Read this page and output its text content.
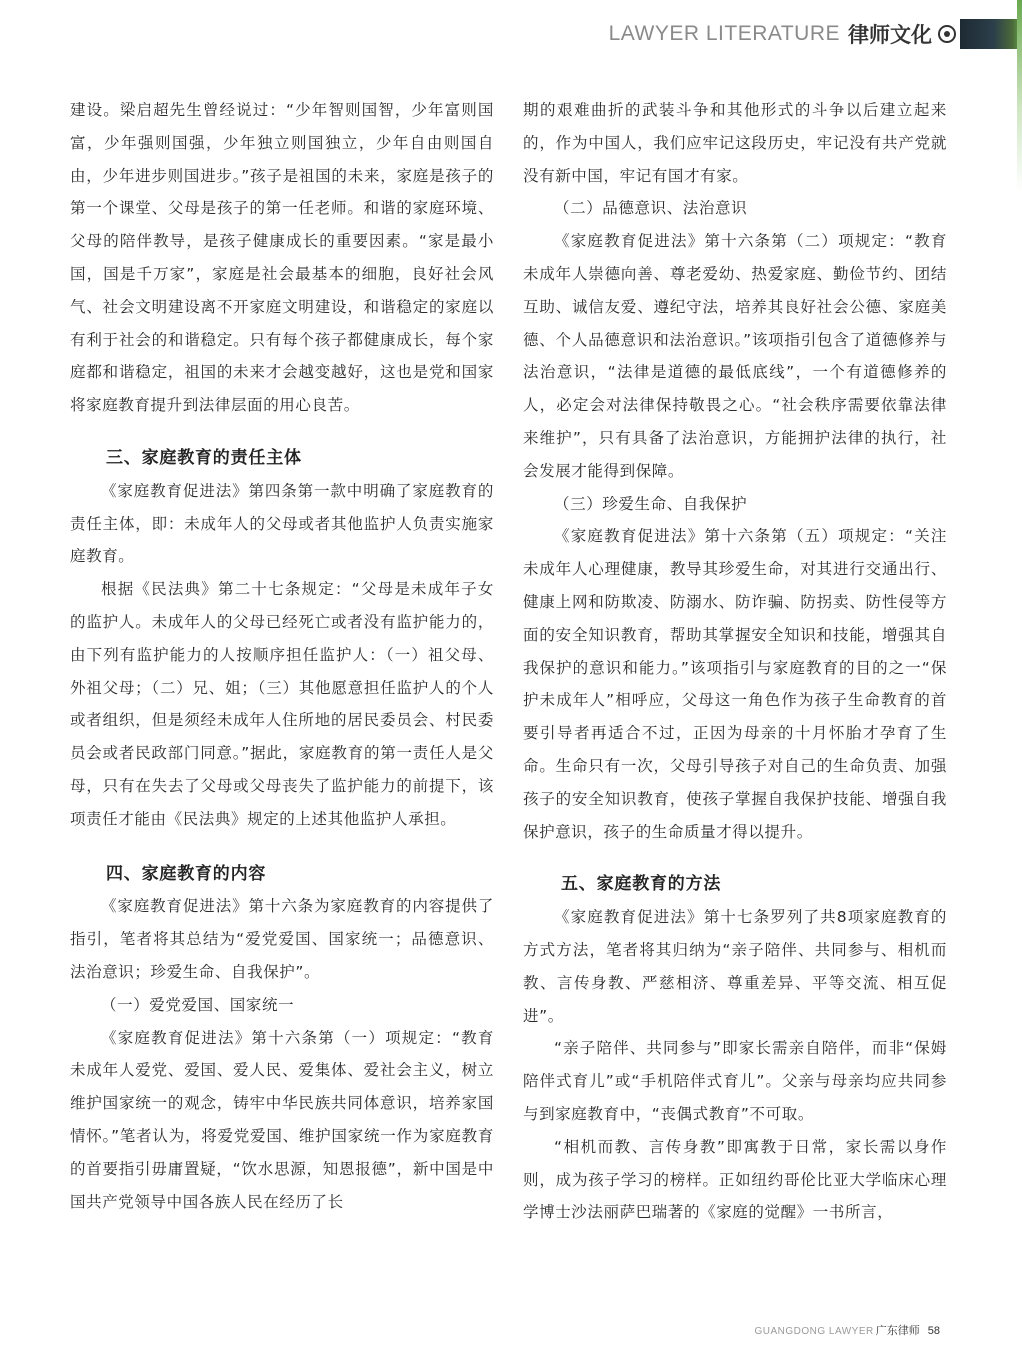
LAWYER LITERATURE 律师文化

建设。梁启超先生曾经说过：“少年智则国智，少年富则国富，少年强则国强，少年独立则国独立，少年自由则国自由，少年进步则国进步。”孩子是祖国的未来，家庭是孩子的第一个课堂、父母是孩子的第一任老师。和谐的家庭环境、父母的陪伴教导，是孩子健康成长的重要因素。“家是最小国，国是千万家”，家庭是社会最基本的细胞，良好社会风气、社会文明建设离不开家庭文明建设，和谐稳定的家庭以有利于社会的和谐稳定。只有每个孩子都健康成长，每个家庭都和谐稳定，祖国的未来才会越变越好，这也是党和国家将家庭教育提升到法律层面的用心良苦。

三、家庭教育的责任主体

《家庭教育促进法》第四条第一款中明确了家庭教育的责任主体，即：未成年人的父母或者其他监护人负责实施家庭教育。

根据《民法典》第二十七条规定：“父母是未成年子女的监护人。未成年人的父母已经死亡或者没有监护能力的，由下列有监护能力的人按顺序担任监护人：（一）祖父母、外祖父母；（二）兄、姐；（三）其他愿意担任监护人的个人或者组织，但是须经未成年人住所地的居民委员会、村民委员会或者民政部门同意。”据此，家庭教育的第一责任人是父母，只有在失去了父母或父母丧失了监护能力的前提下，该项责任才能由《民法典》规定的上述其他监护人承担。

四、家庭教育的内容

《家庭教育促进法》第十六条为家庭教育的内容提供了指引，笔者将其总结为“爱党爱国、国家统一；品德意识、法治意识；珍爱生命、自我保护”。

（一）爱党爱国、国家统一

《家庭教育促进法》第十六条第（一）项规定：“教育未成年人爱党、爱国、爱人民、爱集体、爱社会主义，树立维护国家统一的观念，铸牢中华民族共同体意识，培养家国情怀。”笔者认为，将爱党爱国、维护国家统一作为家庭教育的首要指引毋庸置疑，“饮水思源，知恩报德”，新中国是中国共产党领导中国各族人民在经历了长

期的艰难曲折的武装斗争和其他形式的斗争以后建立起来的，作为中国人，我们应牢记这段历史，牢记没有共产党就没有新中国，牢记有国才有家。

（二）品德意识、法治意识

《家庭教育促进法》第十六条第（二）项规定：“教育未成年人崇德向善、尊老爱幼、热爱家庭、勤俭节约、团结互助、诚信友爱、遵纪守法，培养其良好社会公德、家庭美德、个人品德意识和法治意识。”该项指引包含了道德修养与法治意识，“法律是道德的最低底线”，一个有道德修养的人，必定会对法律保持敬畏之心。“社会秩序需要依靠法律来维护”，只有具备了法治意识，方能拥护法律的执行，社会发展才能得到保障。

（三）珍爱生命、自我保护

《家庭教育促进法》第十六条第（五）项规定：“关注未成年人心理健康，教导其珍爱生命，对其进行交通出行、健康上网和防欺凌、防溺水、防诈骗、防拐卖、防性侵等方面的安全知识教育，帮助其掌握安全知识和技能，增强其自我保护的意识和能力。”该项指引与家庭教育的目的之一“保护未成年人”相呼应，父母这一角色作为孩子生命教育的首要引导者再适合不过，正因为母亲的十月怀胎才孕育了生命。生命只有一次，父母引导孩子对自己的生命负责、加强孩子的安全知识教育，使孩子掌握自我保护技能、增强自我保护意识，孩子的生命质量才得以提升。

五、家庭教育的方法

《家庭教育促进法》第十七条罗列了共8项家庭教育的方式方法，笔者将其归纳为“亲子陪伴、共同参与、相机而教、言传身教、严慈相济、尊重差异、平等交流、相互促进”。

“亲子陪伴、共同参与”即家长需亲自陪伴，而非“保姆陪伴式育儿”或“手机陪伴式育儿”。父亲与母亲均应共同参与到家庭教育中，“丧偶式教育”不可取。

“相机而教、言传身教”即寓教于日常，家长需以身作则，成为孩子学习的榜样。正如纽约哥伦比亚大学临床心理学博士沙法丽萨巴瑞著的《家庭的觉醒》一书所言，

GUANGDONG LAWYER 广东律师 58
